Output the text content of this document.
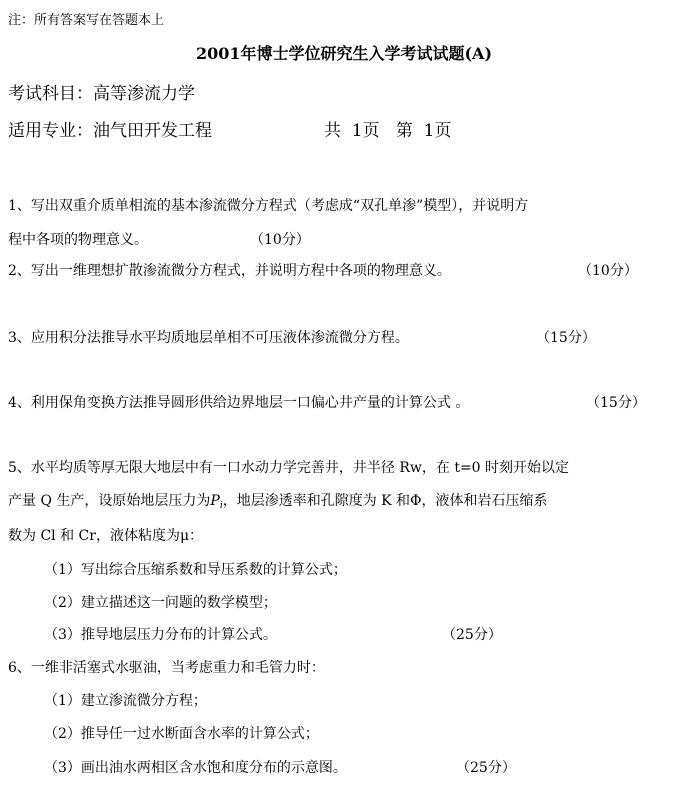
注：所有答案写在答题本上
2001年博士学位研究生入学考试试题(A)
考试科目：高等渗流力学
适用专业：油气田开发工程	共  1页   第  1页
1、写出双重介质单相流的基本渗流微分方程式（考虑成“双孔单渗”模型），并说明方
程中各项的物理意义。	（10分）
2、写出一维理想扩散渗流微分方程式，并说明方程中各项的物理意义。	（10分）
3、应用积分法推导水平均质地层单相不可压液体渗流微分方程。	（15分）
4、利用保角变换方法推导圆形供给边界地层一口偏心井产量的计算公式 。	（15分）
5、水平均质等厚无限大地层中有一口水动力学完善井，井半径 Rw，在 t=0 时刻开始以定
产量 Q 生产，设原始地层压力为$P_i$，地层渗透率和孔隙度为 K 和Φ，液体和岩石压缩系
数为 Cl 和 Cr，液体粘度为μ：
（1）写出综合压缩系数和导压系数的计算公式；
（2）建立描述这一问题的数学模型；
（3）推导地层压力分布的计算公式。	（25分）
6、一维非活塞式水驱油，当考虑重力和毛管力时：
（1）建立渗流微分方程；
（2）推导任一过水断面含水率的计算公式；
（3）画出油水两相区含水饱和度分布的示意图。	（25分）
